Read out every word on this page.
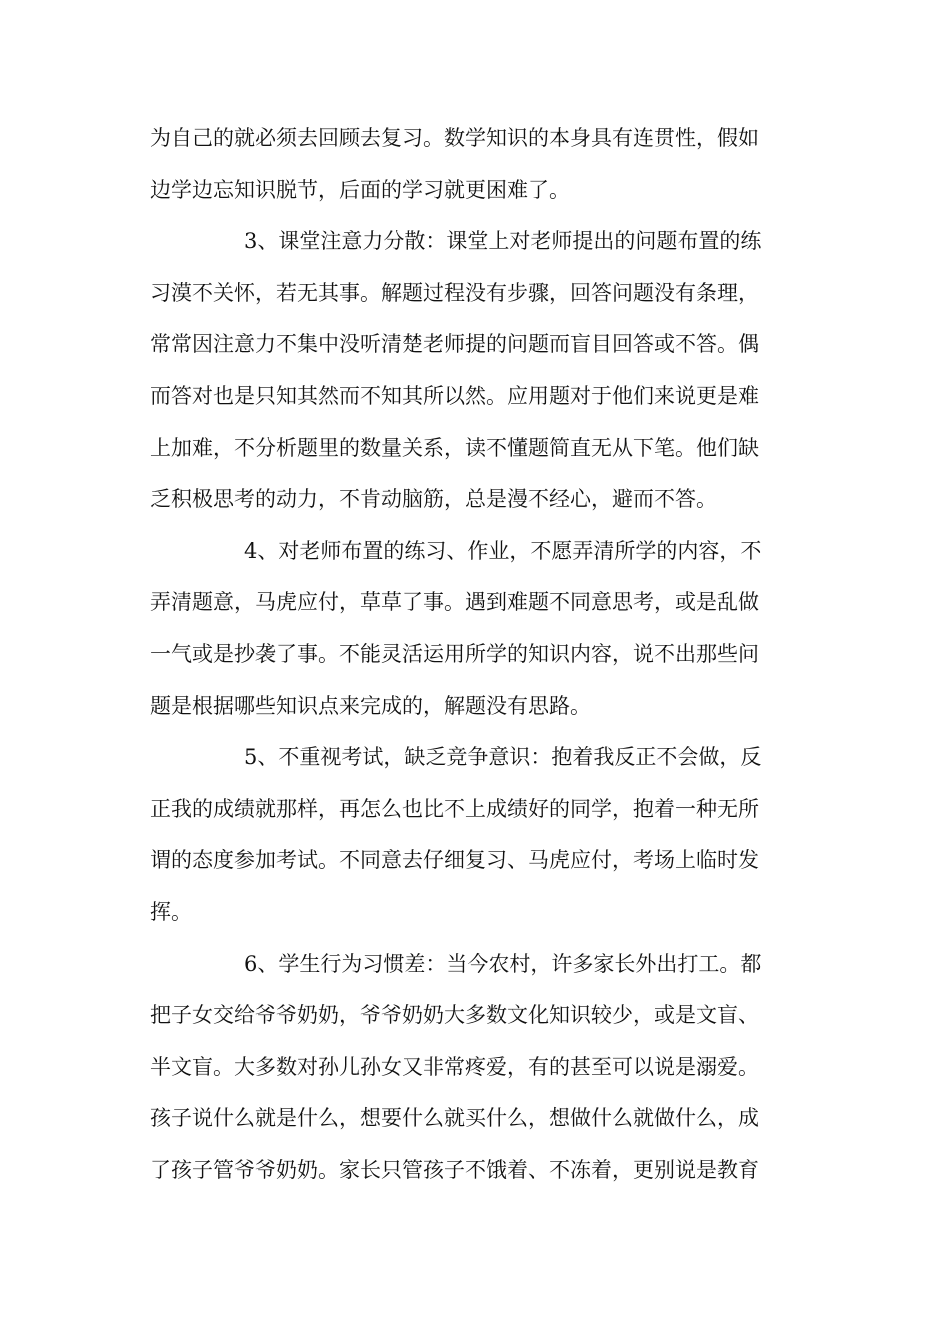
为自己的就必须去回顾去复习。数学知识的本身具有连贯性，假如
边学边忘知识脱节，后面的学习就更困难了。
3、课堂注意力分散：课堂上对老师提出的问题布置的练
习漠不关怀，若无其事。解题过程没有步骤，回答问题没有条理，
常常因注意力不集中没听清楚老师提的问题而盲目回答或不答。偶
而答对也是只知其然而不知其所以然。应用题对于他们来说更是难
上加难，不分析题里的数量关系，读不懂题简直无从下笔。他们缺
乏积极思考的动力，不肯动脑筋，总是漫不经心，避而不答。
4、对老师布置的练习、作业，不愿弄清所学的内容，不
弄清题意，马虎应付，草草了事。遇到难题不同意思考，或是乱做
一气或是抄袭了事。不能灵活运用所学的知识内容，说不出那些问
题是根据哪些知识点来完成的，解题没有思路。
5、不重视考试，缺乏竞争意识：抱着我反正不会做，反
正我的成绩就那样，再怎么也比不上成绩好的同学，抱着一种无所
谓的态度参加考试。不同意去仔细复习、马虎应付，考场上临时发
挥。
6、学生行为习惯差：当今农村，许多家长外出打工。都
把子女交给爷爷奶奶，爷爷奶奶大多数文化知识较少，或是文盲、
半文盲。大多数对孙儿孙女又非常疼爱，有的甚至可以说是溺爱。
孩子说什么就是什么，想要什么就买什么，想做什么就做什么，成
了孩子管爷爷奶奶。家长只管孩子不饿着、不冻着，更别说是教育
